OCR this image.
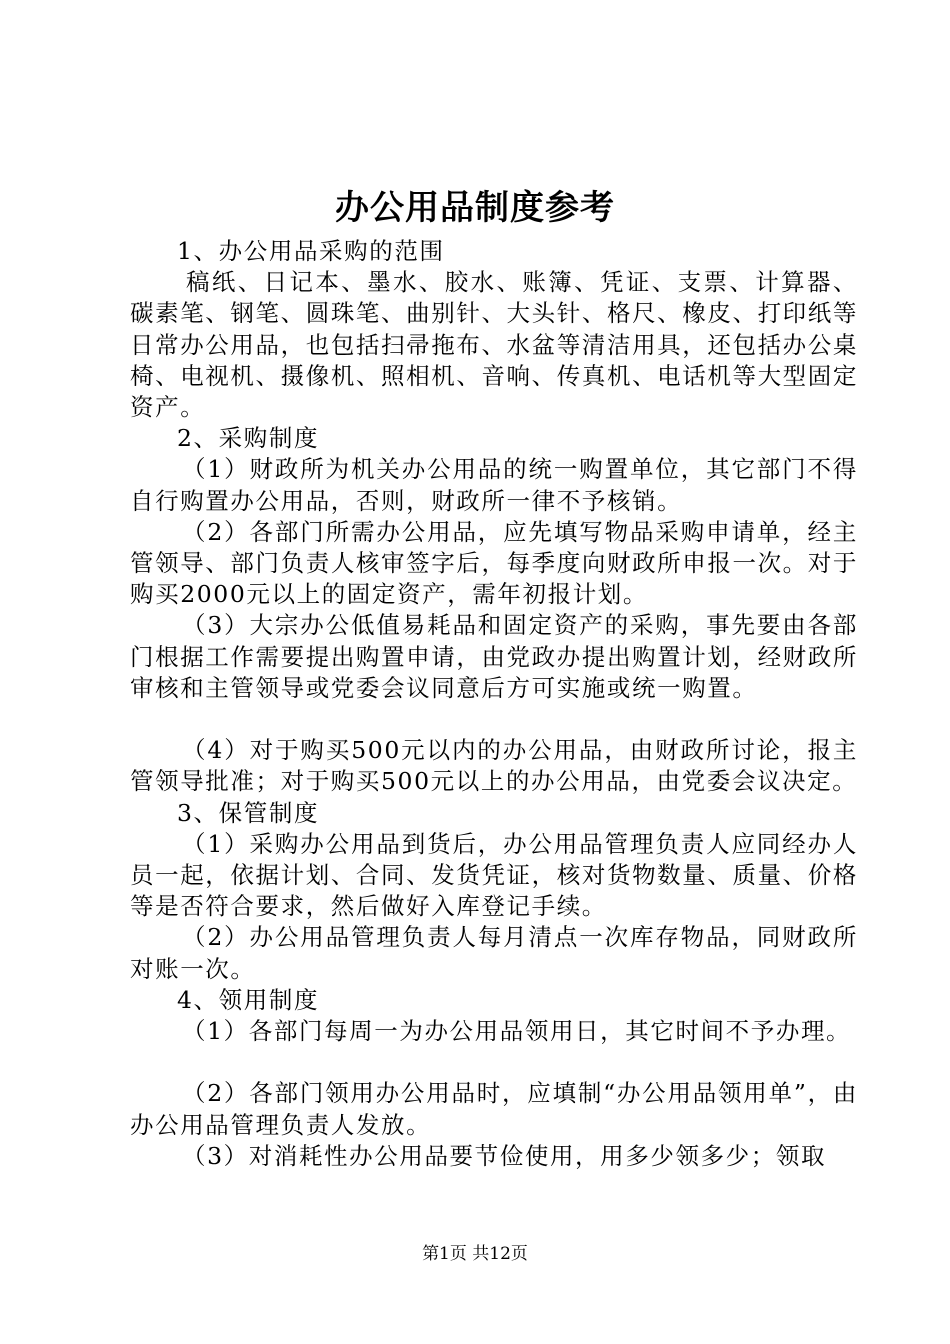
办公用品制度参考

1、办公用品采购的范围

稿纸、日记本、墨水、胶水、账簿、凭证、支票、计算器、碳素笔、钢笔、圆珠笔、曲别针、大头针、格尺、橡皮、打印纸等日常办公用品，也包括扫帚拖布、水盆等清洁用具，还包括办公桌椅、电视机、摄像机、照相机、音响、传真机、电话机等大型固定资产。

2、采购制度

（1）财政所为机关办公用品的统一购置单位，其它部门不得自行购置办公用品，否则，财政所一律不予核销。

（2）各部门所需办公用品，应先填写物品采购申请单，经主管领导、部门负责人核审签字后，每季度向财政所申报一次。对于购买2000元以上的固定资产，需年初报计划。

（3）大宗办公低值易耗品和固定资产的采购，事先要由各部门根据工作需要提出购置申请，由党政办提出购置计划，经财政所审核和主管领导或党委会议同意后方可实施或统一购置。

（4）对于购买500元以内的办公用品，由财政所讨论，报主管领导批准；对于购买500元以上的办公用品，由党委会议决定。

3、保管制度

（1）采购办公用品到货后，办公用品管理负责人应同经办人员一起，依据计划、合同、发货凭证，核对货物数量、质量、价格等是否符合要求，然后做好入库登记手续。

（2）办公用品管理负责人每月清点一次库存物品，同财政所对账一次。

4、领用制度

（1）各部门每周一为办公用品领用日，其它时间不予办理。

（2）各部门领用办公用品时，应填制“办公用品领用单”，由办公用品管理负责人发放。

（3）对消耗性办公用品要节俭使用，用多少领多少；领取

第1页 共12页
